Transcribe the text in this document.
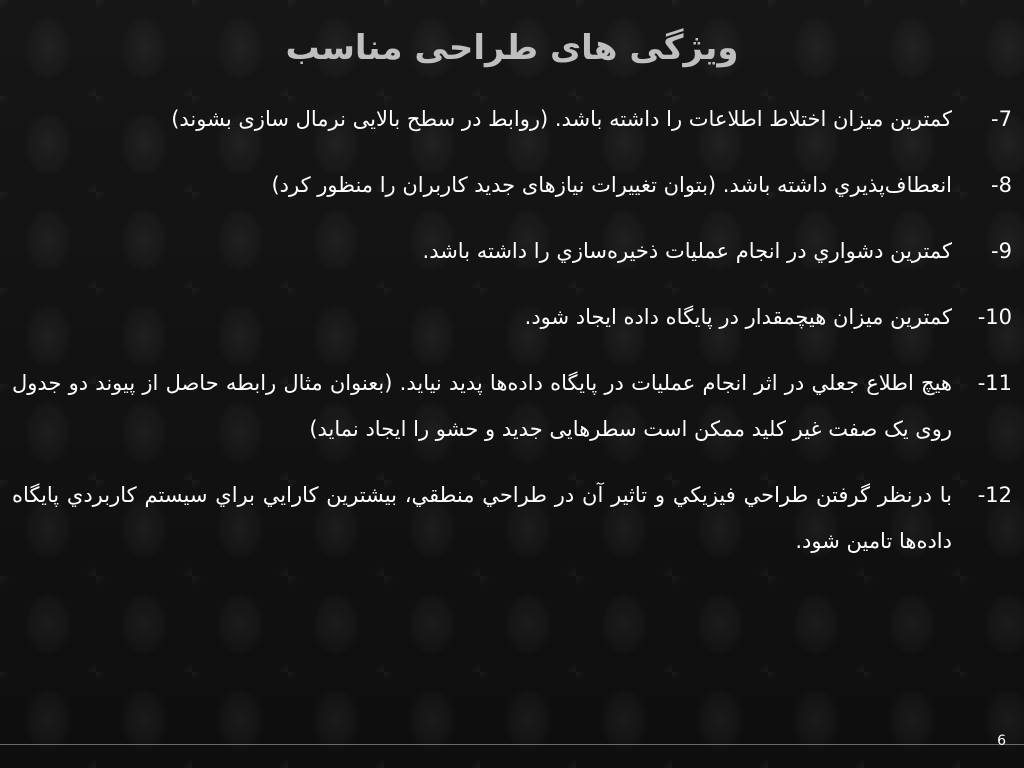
ویژگی های طراحی مناسب
7-کمترین میزان اختلاط اطلاعات را داشته باشد. (روابط در سطح بالایی نرمال سازی بشوند)
8-انعطاف‌پذیري داشته باشد. (بتوان تغییرات نیازهای جدید کاربران را منظور کرد)
9-کمترین دشواري در انجام عملیات ذخیره‌سازي را داشته باشد.
10-کمترین میزان هیچمقدار در پایگاه داده ایجاد شود.
11-هیچ اطلاع جعلي در اثر انجام عملیات در پایگاه داده‌ها پدید نیاید. (بعنوان مثال رابطه حاصل از پیوند دو جدول روی یک صفت غیر کلید ممکن است سطرهایی جدید و حشو را ایجاد نماید)
12-با درنظر گرفتن طراحي فیزیکي و تاثیر آن در طراحي منطقي، بیشترین کارایي براي سیستم کاربردي پایگاه داده‌ها تامین شود.
6
